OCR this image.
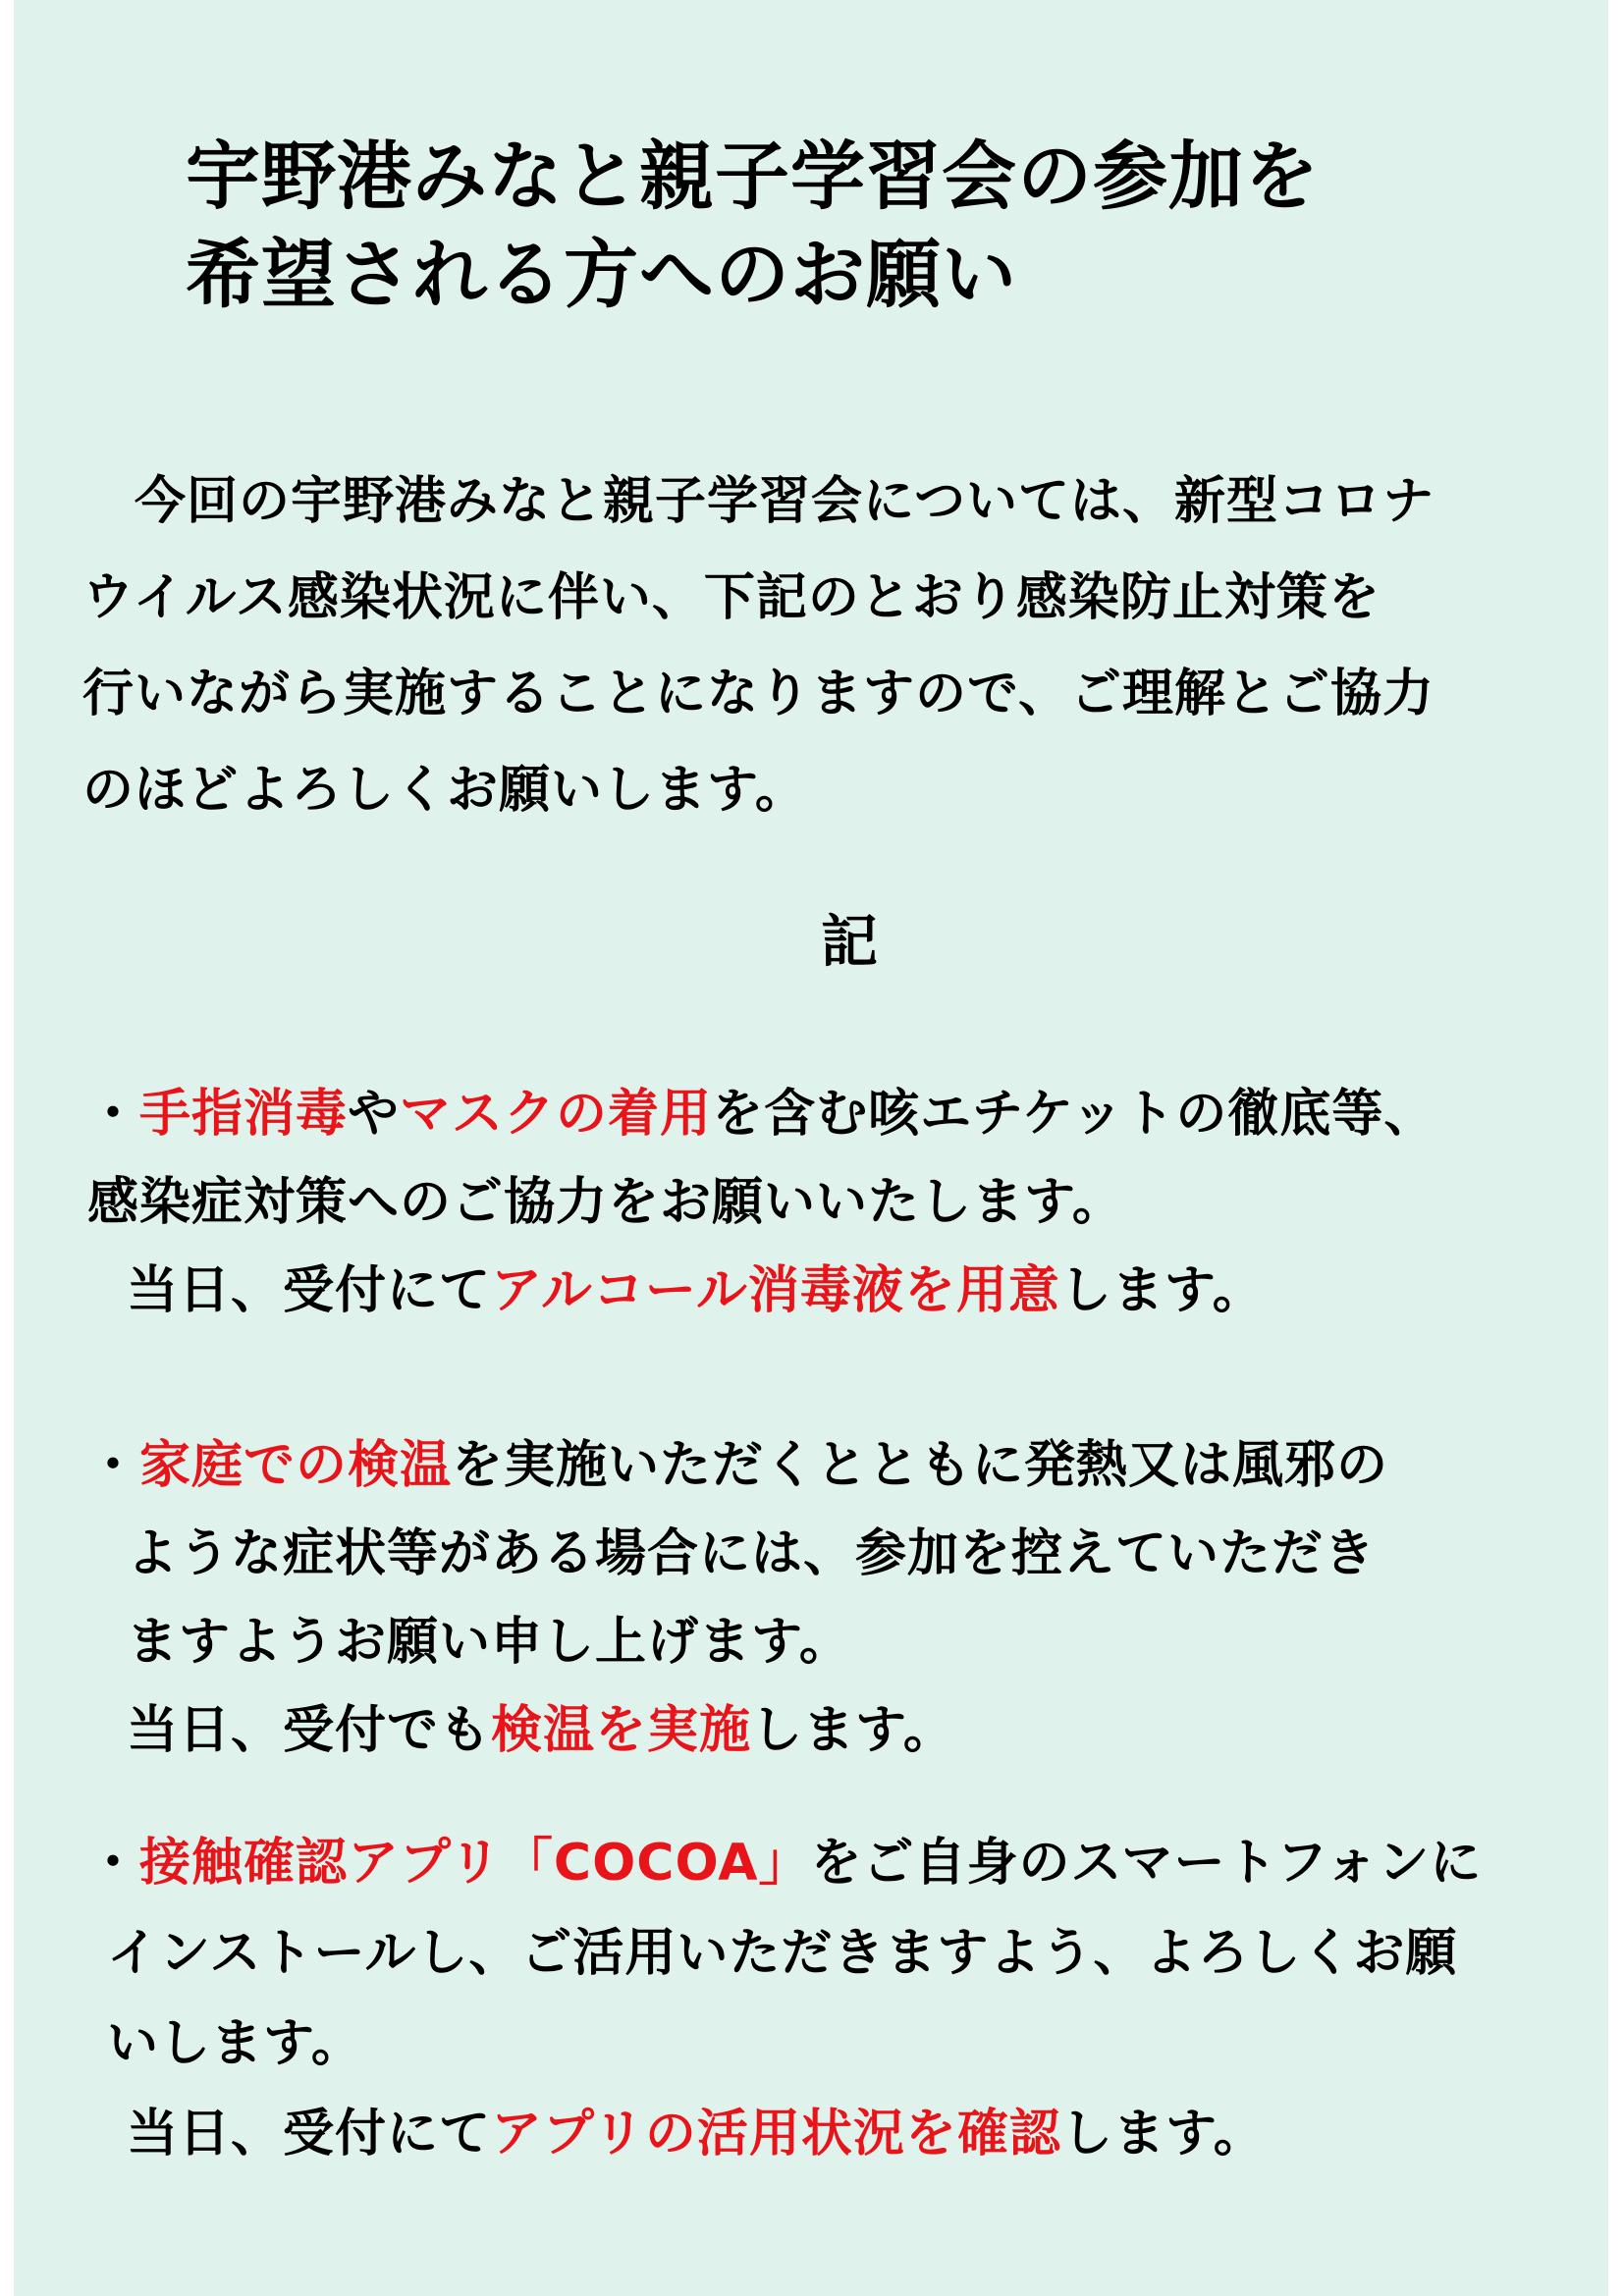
宇野港みなと親子学習会の参加を
希望される方へのお願い
　今回の宇野港みなと親子学習会については、新型コロナ
ウイルス感染状況に伴い、下記のとおり感染防止対策を
行いながら実施することになりますので、ご理解とご協力
のほどよろしくお願いします。
記
・手指消毒やマスクの着用を含む咳エチケットの徹底等、
感染症対策へのご協力をお願いいたします。
当日、受付にてアルコール消毒液を用意します。
・家庭での検温を実施いただくとともに発熱又は風邪の
ような症状等がある場合には、参加を控えていただき
ますようお願い申し上げます。
当日、受付でも検温を実施します。
・接触確認アプリ「COCOA」をご自身のスマートフォンに
インストールし、ご活用いただきますよう、よろしくお願
いします。
当日、受付にてアプリの活用状況を確認します。
